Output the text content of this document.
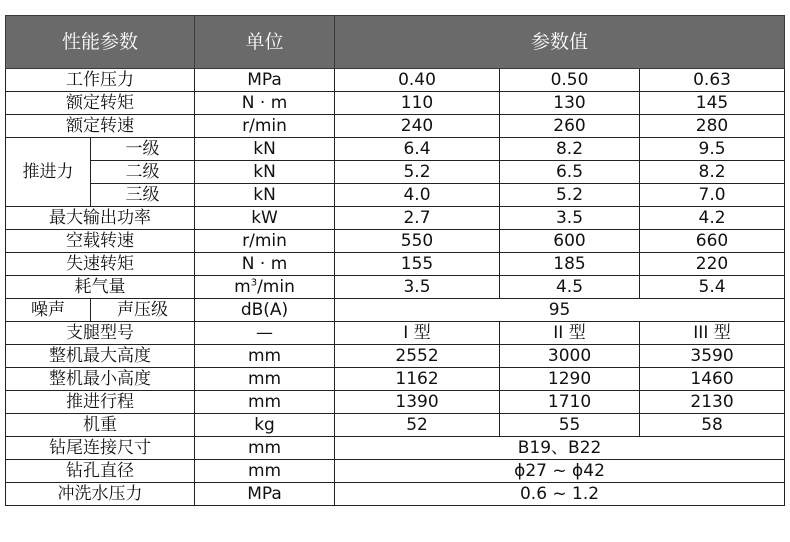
性能参数		单位	参数值		
工作压力		MPa	0.40	0.50	0.63
额定转矩		N · m	110	130	145
额定转速		r/min	240	260	280
推进力	一级	kN	6.4	8.2	9.5
	二级	kN	5.2	6.5	8.2
	三级	kN	4.0	5.2	7.0
最大输出功率		kW	2.7	3.5	4.2
空载转速		r/min	550	600	660
失速转矩		N · m	155	185	220
耗气量		$m^3/\min$	3.5	4.5	5.4
噪声	声压级	dB(A)	95		
支腿型号		—	I 型	II 型	III 型
整机最大高度		mm	2552	3000	3590
整机最小高度		mm	1162	1290	1460
推进行程		mm	1390	1710	2130
机重		kg	52	55	58
钻尾连接尺寸		mm	B19、B22		
钻孔直径		mm	ϕ27 ~ ϕ42		
冲洗水压力		MPa	0.6 ~ 1.2		
